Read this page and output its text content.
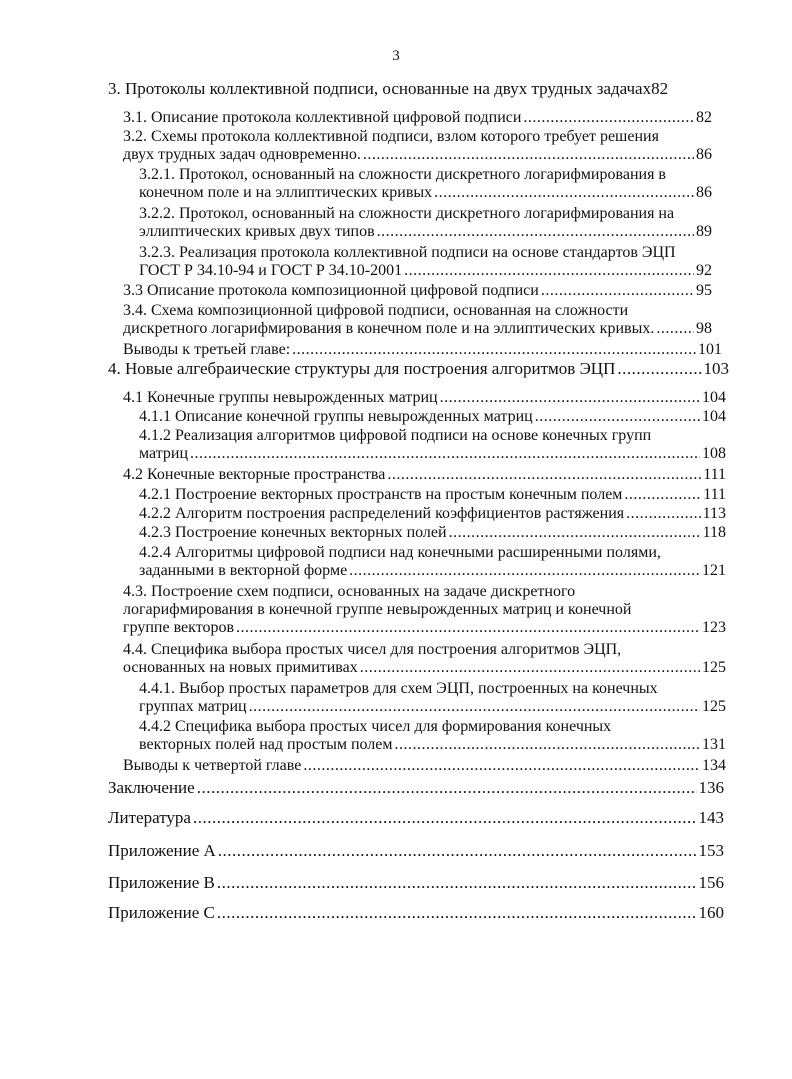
3
3. Протоколы коллективной подписи, основанные на двух трудных задачах 82
3.1. Описание протокола коллективной цифровой подписи .....	82
3.2. Схемы протокола коллективной подписи, взлом которого требует решения
двух трудных задач одновременно. .....	86
3.2.1. Протокол, основанный на сложности дискретного логарифмирования в
конечном поле и на эллиптических кривых .....	86
3.2.2. Протокол, основанный на сложности дискретного логарифмирования на
эллиптических кривых двух типов .....	89
3.2.3. Реализация протокола коллективной подписи на основе стандартов ЭЦП
ГОСТ Р 34.10-94 и ГОСТ Р 34.10-2001 .....	92
3.3 Описание протокола композиционной цифровой подписи .....	95
3.4. Схема композиционной цифровой подписи, основанная на сложности
дискретного логарифмирования в конечном поле и на эллиптических кривых. .....	98
Выводы к третьей главе: .....	101
4. Новые алгебраические структуры для построения алгоритмов ЭЦП .....	103
4.1 Конечные группы невырожденных матриц .....	104
4.1.1 Описание конечной группы невырожденных матриц .....	104
4.1.2 Реализация алгоритмов цифровой подписи на основе конечных групп
матриц .....	108
4.2 Конечные векторные пространства .....	111
4.2.1 Построение векторных пространств на простым конечным полем .....	111
4.2.2 Алгоритм построения распределений коэффициентов растяжения .....	113
4.2.3 Построение конечных векторных полей .....	118
4.2.4 Алгоритмы цифровой подписи над конечными расширенными полями,
заданными в векторной форме .....	121
4.3. Построение схем подписи, основанных на задаче дискретного
логарифмирования в конечной группе невырожденных матриц и конечной
группе векторов .....	123
4.4. Специфика выбора простых чисел для построения алгоритмов ЭЦП,
основанных на новых примитивах .....	125
4.4.1. Выбор простых параметров для схем ЭЦП, построенных на конечных
группах матриц .....	125
4.4.2 Специфика выбора простых чисел для формирования конечных
векторных полей над простым полем .....	131
Выводы к четвертой главе .....	134
Заключение .....	136
Литература .....	143
Приложение А .....	153
Приложение В .....	156
Приложение С .....	160
